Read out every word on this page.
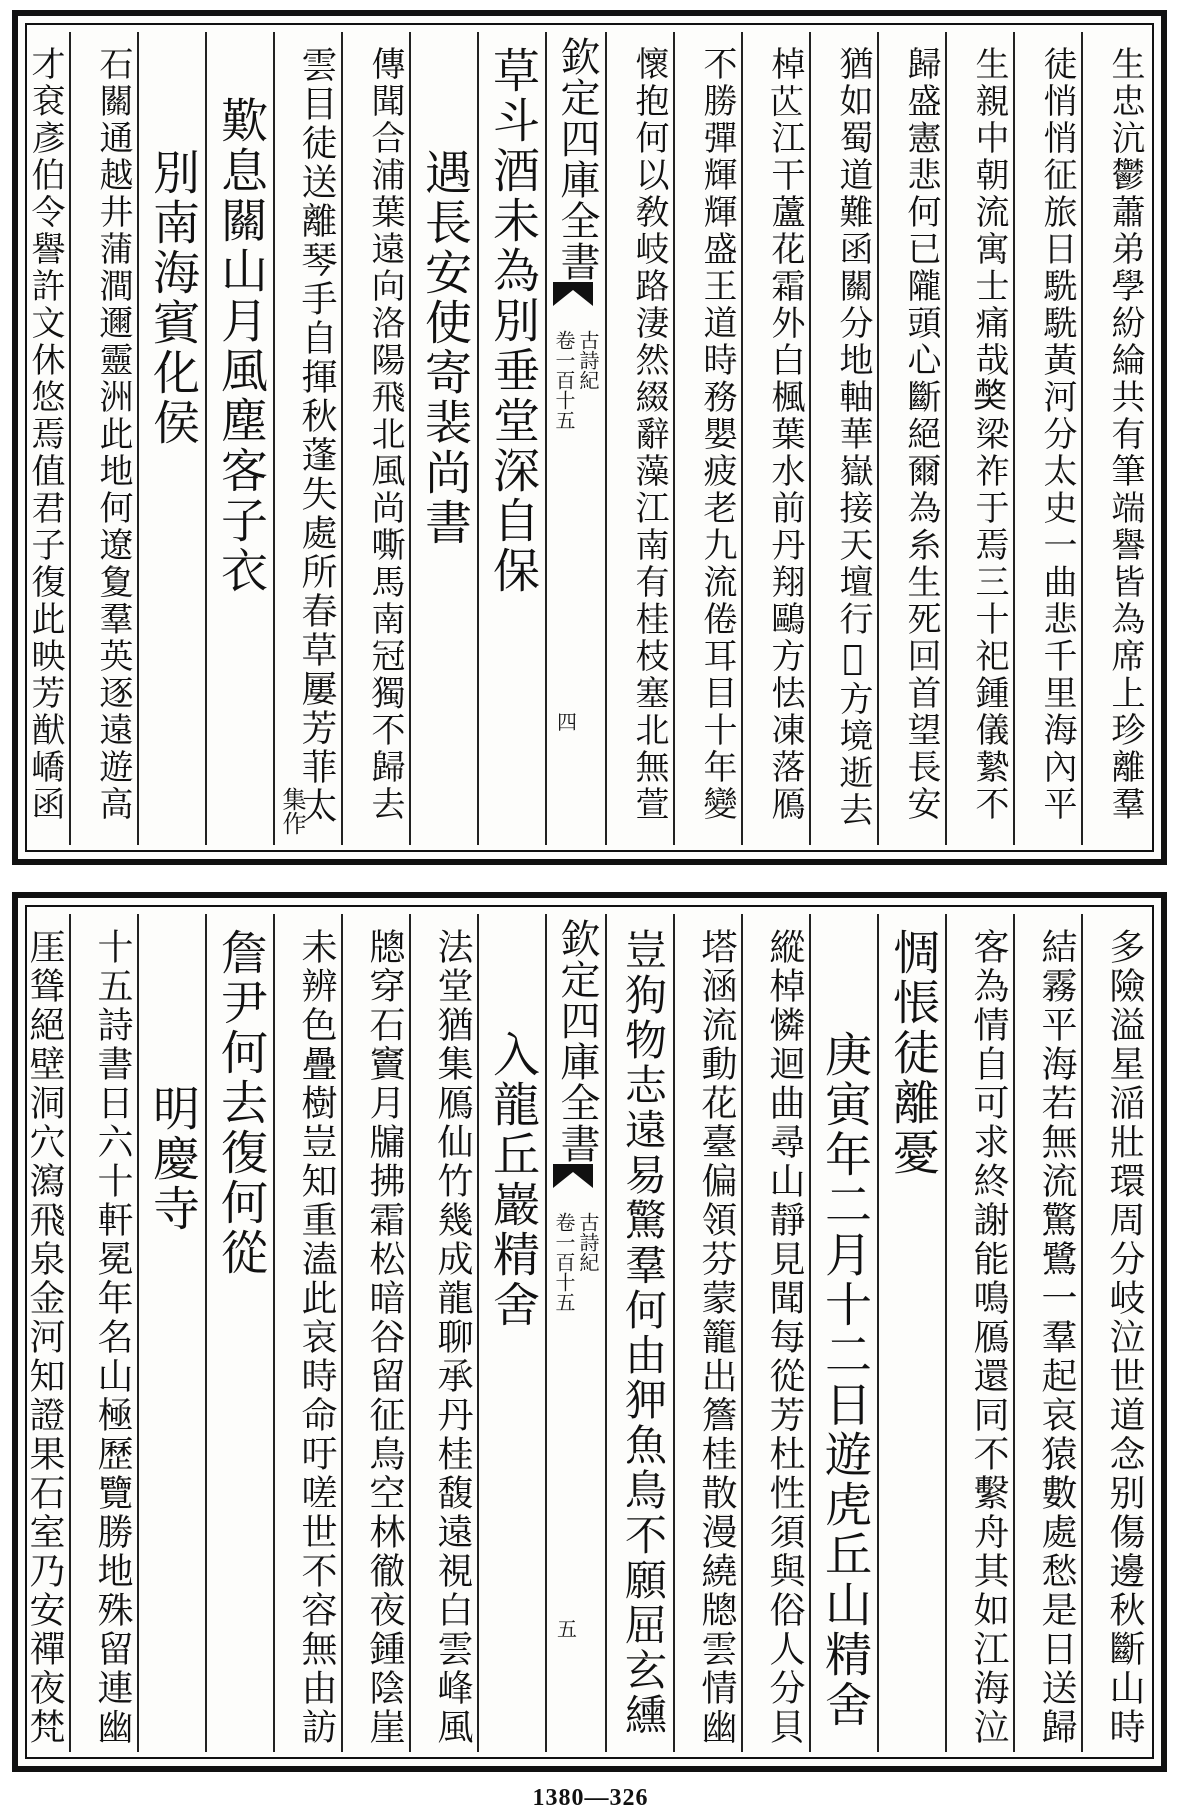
生忠沆鬱蕭弟學紛綸共有筆端譽皆為席上珍離羣
徒悄悄征旅日駪駪黃河分太史一曲悲千里海內平
生親中朝流寓士痛哉𡚁梁祚于焉三十祀鍾儀縶不
歸盛憲悲何已隴頭心斷絕爾為糸生死回首望長安
猶如蜀道難函關分地軸華嶽接天壇行𤈆方境逝去
棹𦬆江干蘆花霜外白楓葉水前丹翔鷗方怯凍落鴈
不勝彈輝輝盛王道時務嬰疲老九流倦耳目十年變
懷抱何以敎岐路淒然綴辭藻江南有桂枝塞北無萱
欽定四庫全書
古詩紀
卷一百十五
四
草斗酒未為別垂堂深自保
遇長安使寄裴尚書
傳聞合浦葉遠向洛陽飛北風尚嘶馬南冠獨不歸去
雲目徒送離琴手自揮秋蓬失處所春草屢芳菲太
集作
歎息關山月風塵客子衣
別南海賓化侯
石關通越井蒲澗邇靈洲此地何遼夐羣英逐遠遊高
才袞彥伯令譽許文休悠焉值君子復此映芳猷嶠函
多險溢星㴞壯環周分岐泣世道念别傷邊秋斷山時
結霧平海若無流驚鷺一羣起哀猿數處愁是日送歸
客為情自可求終謝能鳴鴈還同不繫舟其如江海泣
惆悵徒離憂
庚寅年二月十二日遊虎丘山精舍
縱棹憐迴曲尋山靜見聞每從芳杜性須與俗人分貝
塔涵流動花臺偏領芬蒙籠出簷桂散漫繞牕雲情幽
豈狗物志遠易驚羣何由狎魚鳥不願屈玄纁
欽定四庫全書
古詩紀
卷一百十五
五
入龍丘巖精舍
法堂猶集鴈仙竹幾成龍聊承丹桂馥遠視白雲峰風
牕穿石竇月牖拂霜松暗谷留征鳥空林徹夜鍾陰崖
未辨色疊樹豈知重溘此哀時命吁嗟世不容無由訪
詹尹何去復何從
明慶寺
十五詩書日六十軒冕年名山極歷覽勝地殊留連幽
厓聳絕壁洞穴瀉飛泉金河知證果石室乃安禪夜梵
1380—326
